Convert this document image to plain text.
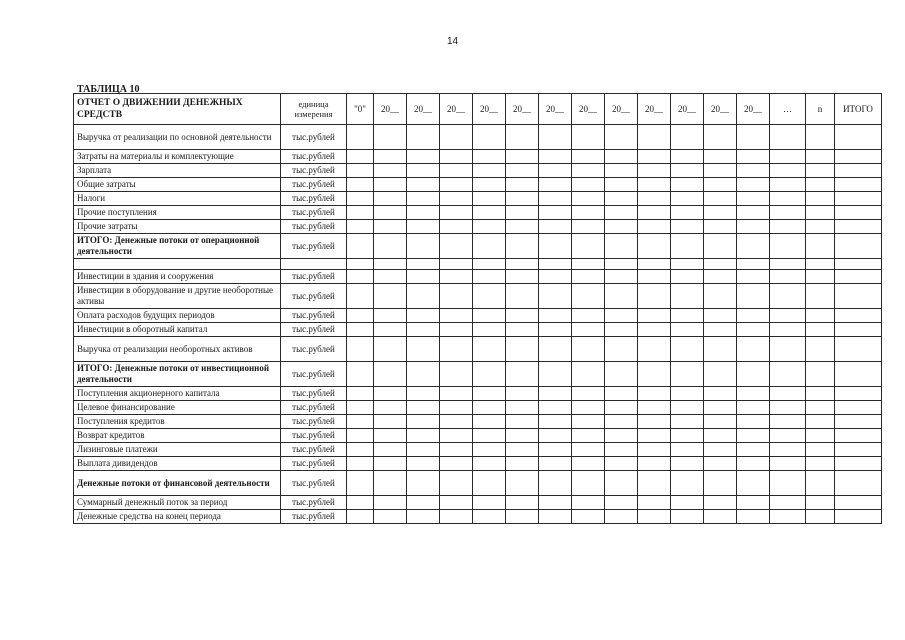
14
ТАБЛИЦА 10
ОТЧЕТ О ДВИЖЕНИИ ДЕНЕЖНЫХ СРЕДСТВ	единица измерения	"0"	20__	20__	20__	20__	20__	20__	20__	20__	20__	20__	20__	20__	…	n	ИТОГО
Выручка от реализации по основной деятельности	тыс.рублей																
Затраты на материалы и комплектующие	тыс.рублей																
Зарплата	тыс.рублей																
Общие затраты	тыс.рублей																
Налоги	тыс.рублей																
Прочие поступления	тыс.рублей																
Прочие затраты	тыс.рублей																
ИТОГО: Денежные потоки от операционной деятельности	тыс.рублей																

Инвестиции в здания и сооружения	тыс.рублей																
Инвестиции в оборудование и другие необоротные активы	тыс.рублей																
Оплата расходов будущих периодов	тыс.рублей																
Инвестиции в оборотный капитал	тыс.рублей																
Выручка от реализации необоротных активов	тыс.рублей																
ИТОГО: Денежные потоки от инвестиционной деятельности	тыс.рублей																
Поступления акционерного капитала	тыс.рублей																
Целевое финансирование	тыс.рублей																
Поступления кредитов	тыс.рублей																
Возврат кредитов	тыс.рублей																
Лизинговые платежи	тыс.рублей																
Выплата дивидендов	тыс.рублей																
Денежные потоки от финансовой деятельности	тыс.рублей																
Суммарный денежный поток за период	тыс.рублей																
Денежные средства на конец периода	тыс.рублей																
